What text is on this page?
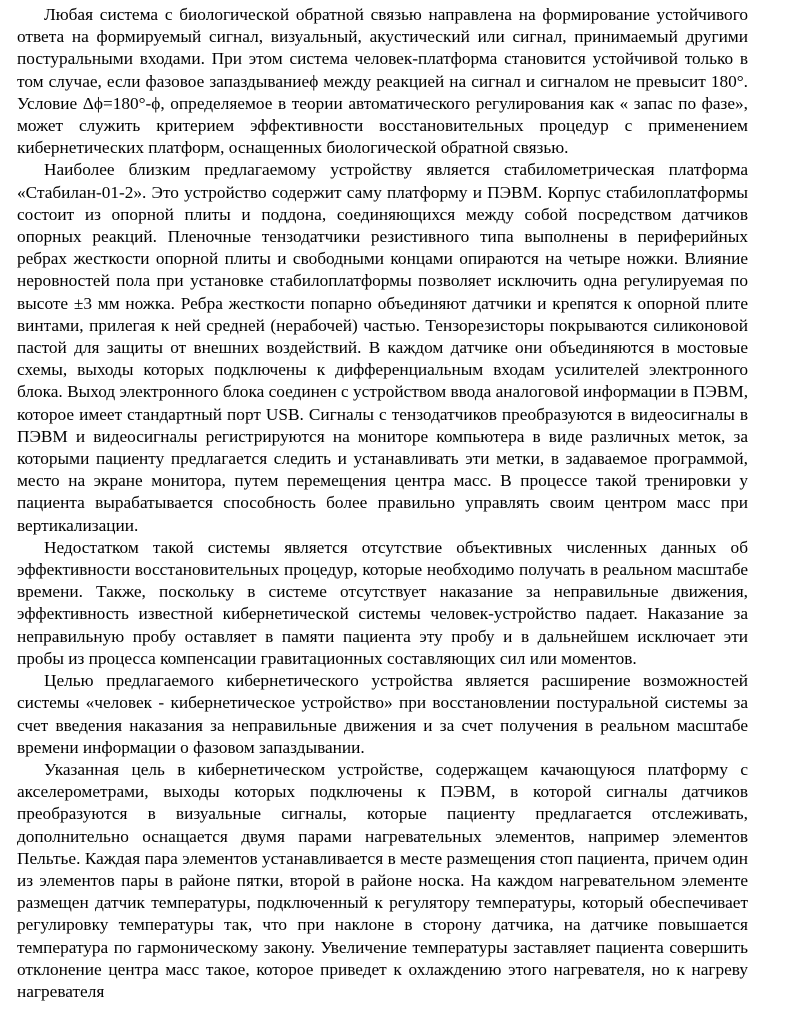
Любая система с биологической обратной связью направлена на формирование устойчивого ответа на формируемый сигнал, визуальный, акустический или сигнал, принимаемый другими постуральными входами. При этом система человек-платформа становится устойчивой только в том случае, если фазовое запаздываниеϕ между реакцией на сигнал и сигналом не превысит 180°. Условие Δϕ=180°-ϕ, определяемое в теории автоматического регулирования как « запас по фазе», может служить критерием эффективности восстановительных процедур с применением кибернетических платформ, оснащенных биологической обратной связью.

Наиболее близким предлагаемому устройству является стабилометрическая платформа «Стабилан-01-2». Это устройство содержит саму платформу и ПЭВМ. Корпус стабилоплатформы состоит из опорной плиты и поддона, соединяющихся между собой посредством датчиков опорных реакций. Пленочные тензодатчики резистивного типа выполнены в периферийных ребрах жесткости опорной плиты и свободными концами опираются на четыре ножки. Влияние неровностей пола при установке стабилоплатформы позволяет исключить одна регулируемая по высоте ±3 мм ножка. Ребра жесткости попарно объединяют датчики и крепятся к опорной плите винтами, прилегая к ней средней (нерабочей) частью. Тензорезисторы покрываются силиконовой пастой для защиты от внешних воздействий. В каждом датчике они объединяются в мостовые схемы, выходы которых подключены к дифференциальным входам усилителей электронного блока. Выход электронного блока соединен с устройством ввода аналоговой информации в ПЭВМ, которое имеет стандартный порт USB. Сигналы с тензодатчиков преобразуются в видеосигналы в ПЭВМ и видеосигналы регистрируются на мониторе компьютера в виде различных меток, за которыми пациенту предлагается следить и устанавливать эти метки, в задаваемое программой, место на экране монитора, путем перемещения центра масс. В процессе такой тренировки у пациента вырабатывается способность более правильно управлять своим центром масс при вертикализации.

Недостатком такой системы является отсутствие объективных численных данных об эффективности восстановительных процедур, которые необходимо получать в реальном масштабе времени. Также, поскольку в системе отсутствует наказание за неправильные движения, эффективность известной кибернетической системы человек-устройство падает. Наказание за неправильную пробу оставляет в памяти пациента эту пробу и в дальнейшем исключает эти пробы из процесса компенсации гравитационных составляющих сил или моментов.

Целью предлагаемого кибернетического устройства является расширение возможностей системы «человек - кибернетическое устройство» при восстановлении постуральной системы за счет введения наказания за неправильные движения и за счет получения в реальном масштабе времени информации о фазовом запаздывании.

Указанная цель в кибернетическом устройстве, содержащем качающуюся платформу с акселерометрами, выходы которых подключены к ПЭВМ, в которой сигналы датчиков преобразуются в визуальные сигналы, которые пациенту предлагается отслеживать, дополнительно оснащается двумя парами нагревательных элементов, например элементов Пельтье. Каждая пара элементов устанавливается в месте размещения стоп пациента, причем один из элементов пары в районе пятки, второй в районе носка. На каждом нагревательном элементе размещен датчик температуры, подключенный к регулятору температуры, который обеспечивает регулировку температуры так, что при наклоне в сторону датчика, на датчике повышается температура по гармоническому закону. Увеличение температуры заставляет пациента совершить отклонение центра масс такое, которое приведет к охлаждению этого нагревателя, но к нагреву нагревателя
